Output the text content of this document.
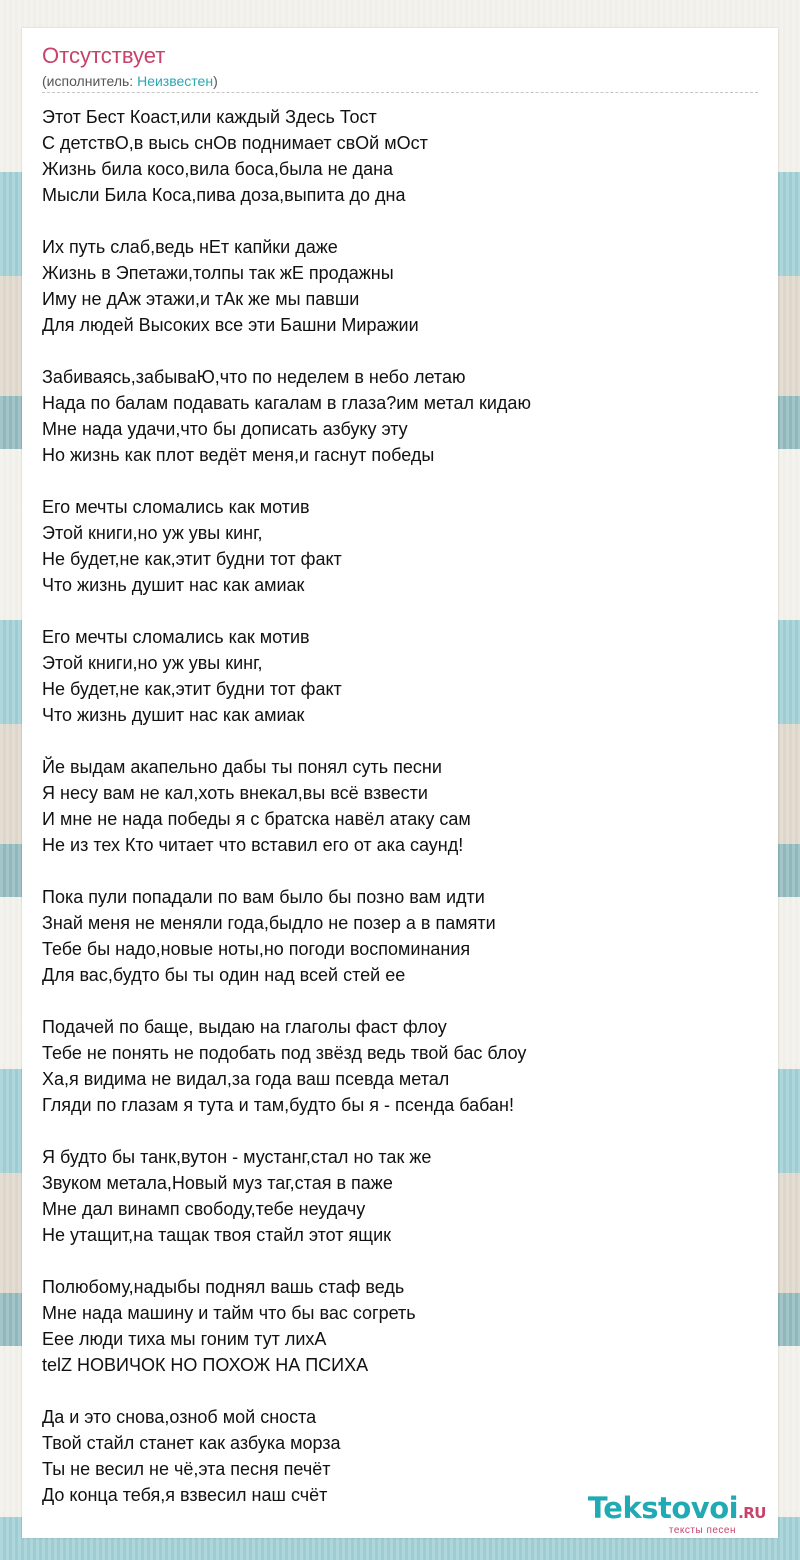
Отсутствует
(исполнитель: Неизвестен)
Этот Бест Коаст,или каждый Здесь Тост
С детствО,в высь снОв поднимает свОй мОст
Жизнь била косо,вила боса,была не дана
Мысли Била Коса,пива доза,выпита до дна
Их путь слаб,ведь нЕт капйки даже
Жизнь в Эпетажи,толпы так жЕ продажны
Иму не дАж этажи,и тАк же мы павши
Для людей Высоких все эти Башни Миражии
Забиваясь,забываЮ,что по неделем в небо летаю
Нада по балам подавать кагалам в глаза?им метал кидаю
Мне нада удачи,что бы дописать азбуку эту
Но жизнь как плот ведёт меня,и гаснут победы
Его мечты сломались как мотив
Этой книги,но уж увы кинг,
Не будет,не как,этит будни тот факт
Что жизнь душит нас как амиак
Его мечты сломались как мотив
Этой книги,но уж увы кинг,
Не будет,не как,этит будни тот факт
Что жизнь душит нас как амиак
Йе выдам акапельно дабы ты понял суть песни
Я несу вам не кал,хоть внекал,вы всё взвести
И мне не нада победы я с братска навёл атаку сам
Не из тех Кто читает что вставил его от ака саунд!
Пока пули попадали по вам было бы позно вам идти
Знай меня не меняли года,быдло не позер а в памяти
Тебе бы надо,новые ноты,но погоди воспоминания
Для вас,будто бы ты один над всей стей ее
Подачей по баще, выдаю на глаголы фаст флоу
Тебе не понять не подобать под звёзд ведь твой бас блоу
Ха,я видима не видал,за года ваш псевда метал
Гляди по глазам я тута и там,будто бы я - псенда бабан!
Я будто бы танк,вутон - мустанг,стал но так же
Звуком метала,Новый муз таг,стая в паже
Мне дал винамп свободу,тебе неудачу
Не утащит,на тащак твоя стайл этот ящик
Полюбому,надыбы поднял вашь стаф ведь
Мне нада машину и тайм что бы вас согреть
Еее люди тиха мы гоним тут лихА
telZ НОВИЧОК НО ПОХОЖ НА ПСИХА
Да и это снова,озноб мой сноста
Твой стайл станет как азбука морза
Ты не весил не чё,эта песня печёт
До конца тебя,я взвесил наш счёт	Tekstovoi.RU
тексты песен
